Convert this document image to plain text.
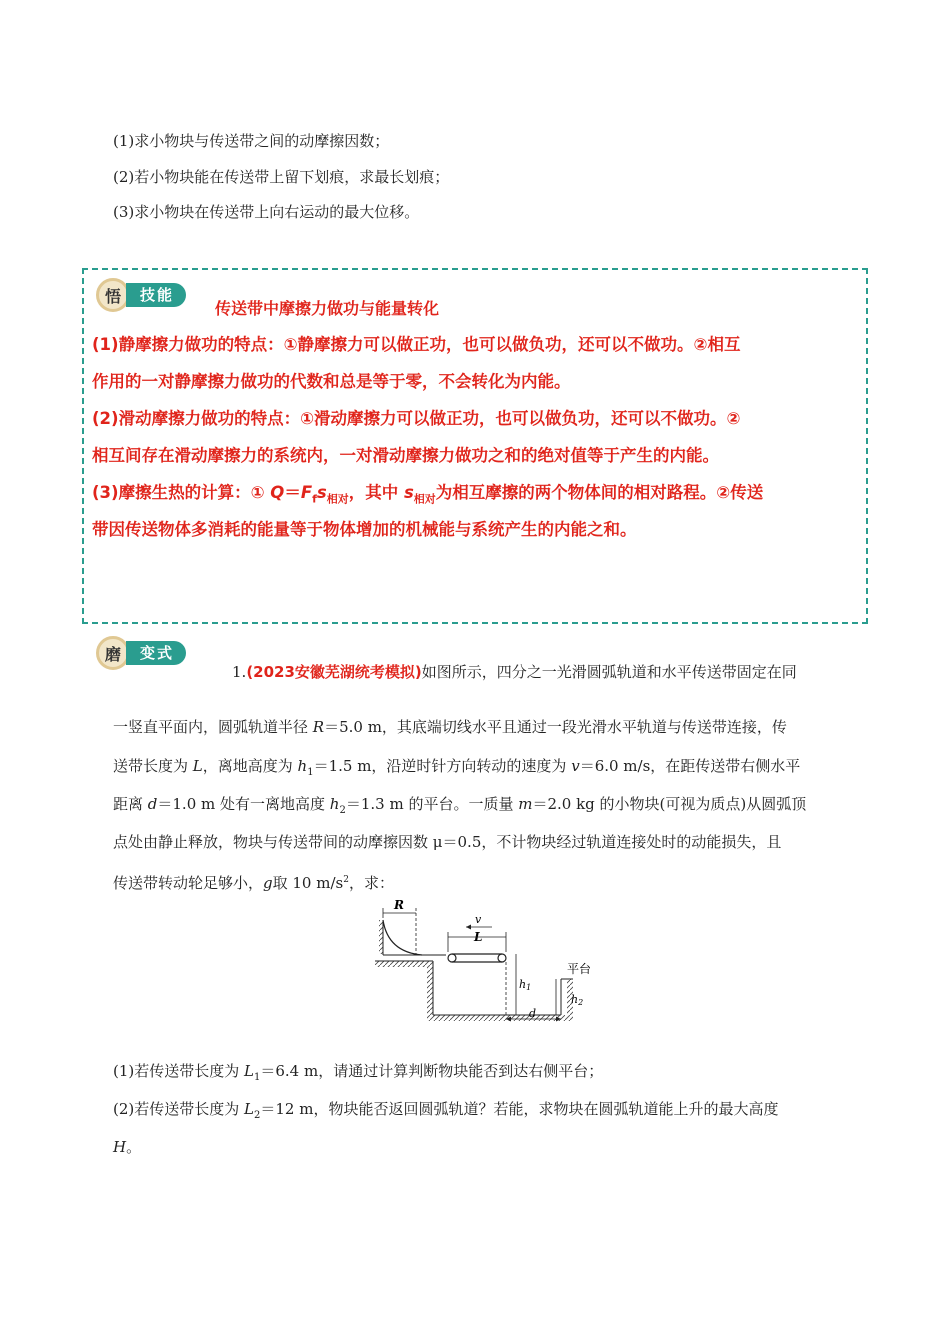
(1)求小物块与传送带之间的动摩擦因数；
(2)若小物块能在传送带上留下划痕，求最长划痕；
(3)求小物块在传送带上向右运动的最大位移。
悟	技能
传送带中摩擦力做功与能量转化
(1)静摩擦力做功的特点：①静摩擦力可以做正功，也可以做负功，还可以不做功。②相互
作用的一对静摩擦力做功的代数和总是等于零，不会转化为内能。
(2)滑动摩擦力做功的特点：①滑动摩擦力可以做正功，也可以做负功，还可以不做功。②
相互间存在滑动摩擦力的系统内，一对滑动摩擦力做功之和的绝对值等于产生的内能。
(3)摩擦生热的计算：① $Q=F_fs_{相对}$，其中 $s_{相对}$为相互摩擦的两个物体间的相对路程。②传送
带因传送物体多消耗的能量等于物体增加的机械能与系统产生的内能之和。
磨	变式
1.(2023安徽芜湖统考模拟)如图所示，四分之一光滑圆弧轨道和水平传送带固定在同
一竖直平面内，圆弧轨道半径 R＝5.0 m，其底端切线水平且通过一段光滑水平轨道与传送带连接，传
送带长度为 L，离地高度为 $h_1=1.5$ m，沿逆时针方向转动的速度为 v＝6.0 m/s，在距传送带右侧水平
距离 d＝1.0 m 处有一离地高度 $h_2=1.3$ m 的平台。一质量 m＝2.0 kg 的小物块(可视为质点)从圆弧顶
点处由静止释放，物块与传送带间的动摩擦因数 μ＝0.5，不计物块经过轨道连接处时的动能损失，且
传送带转动轮足够小，g取 10 $m/s^2$，求：
R
v
L
h1
平台
h2
d
(1)若传送带长度为 $L_1=6.4$ m，请通过计算判断物块能否到达右侧平台；
(2)若传送带长度为 $L_2=12$ m，物块能否返回圆弧轨道？若能，求物块在圆弧轨道能上升的最大高度
H。
